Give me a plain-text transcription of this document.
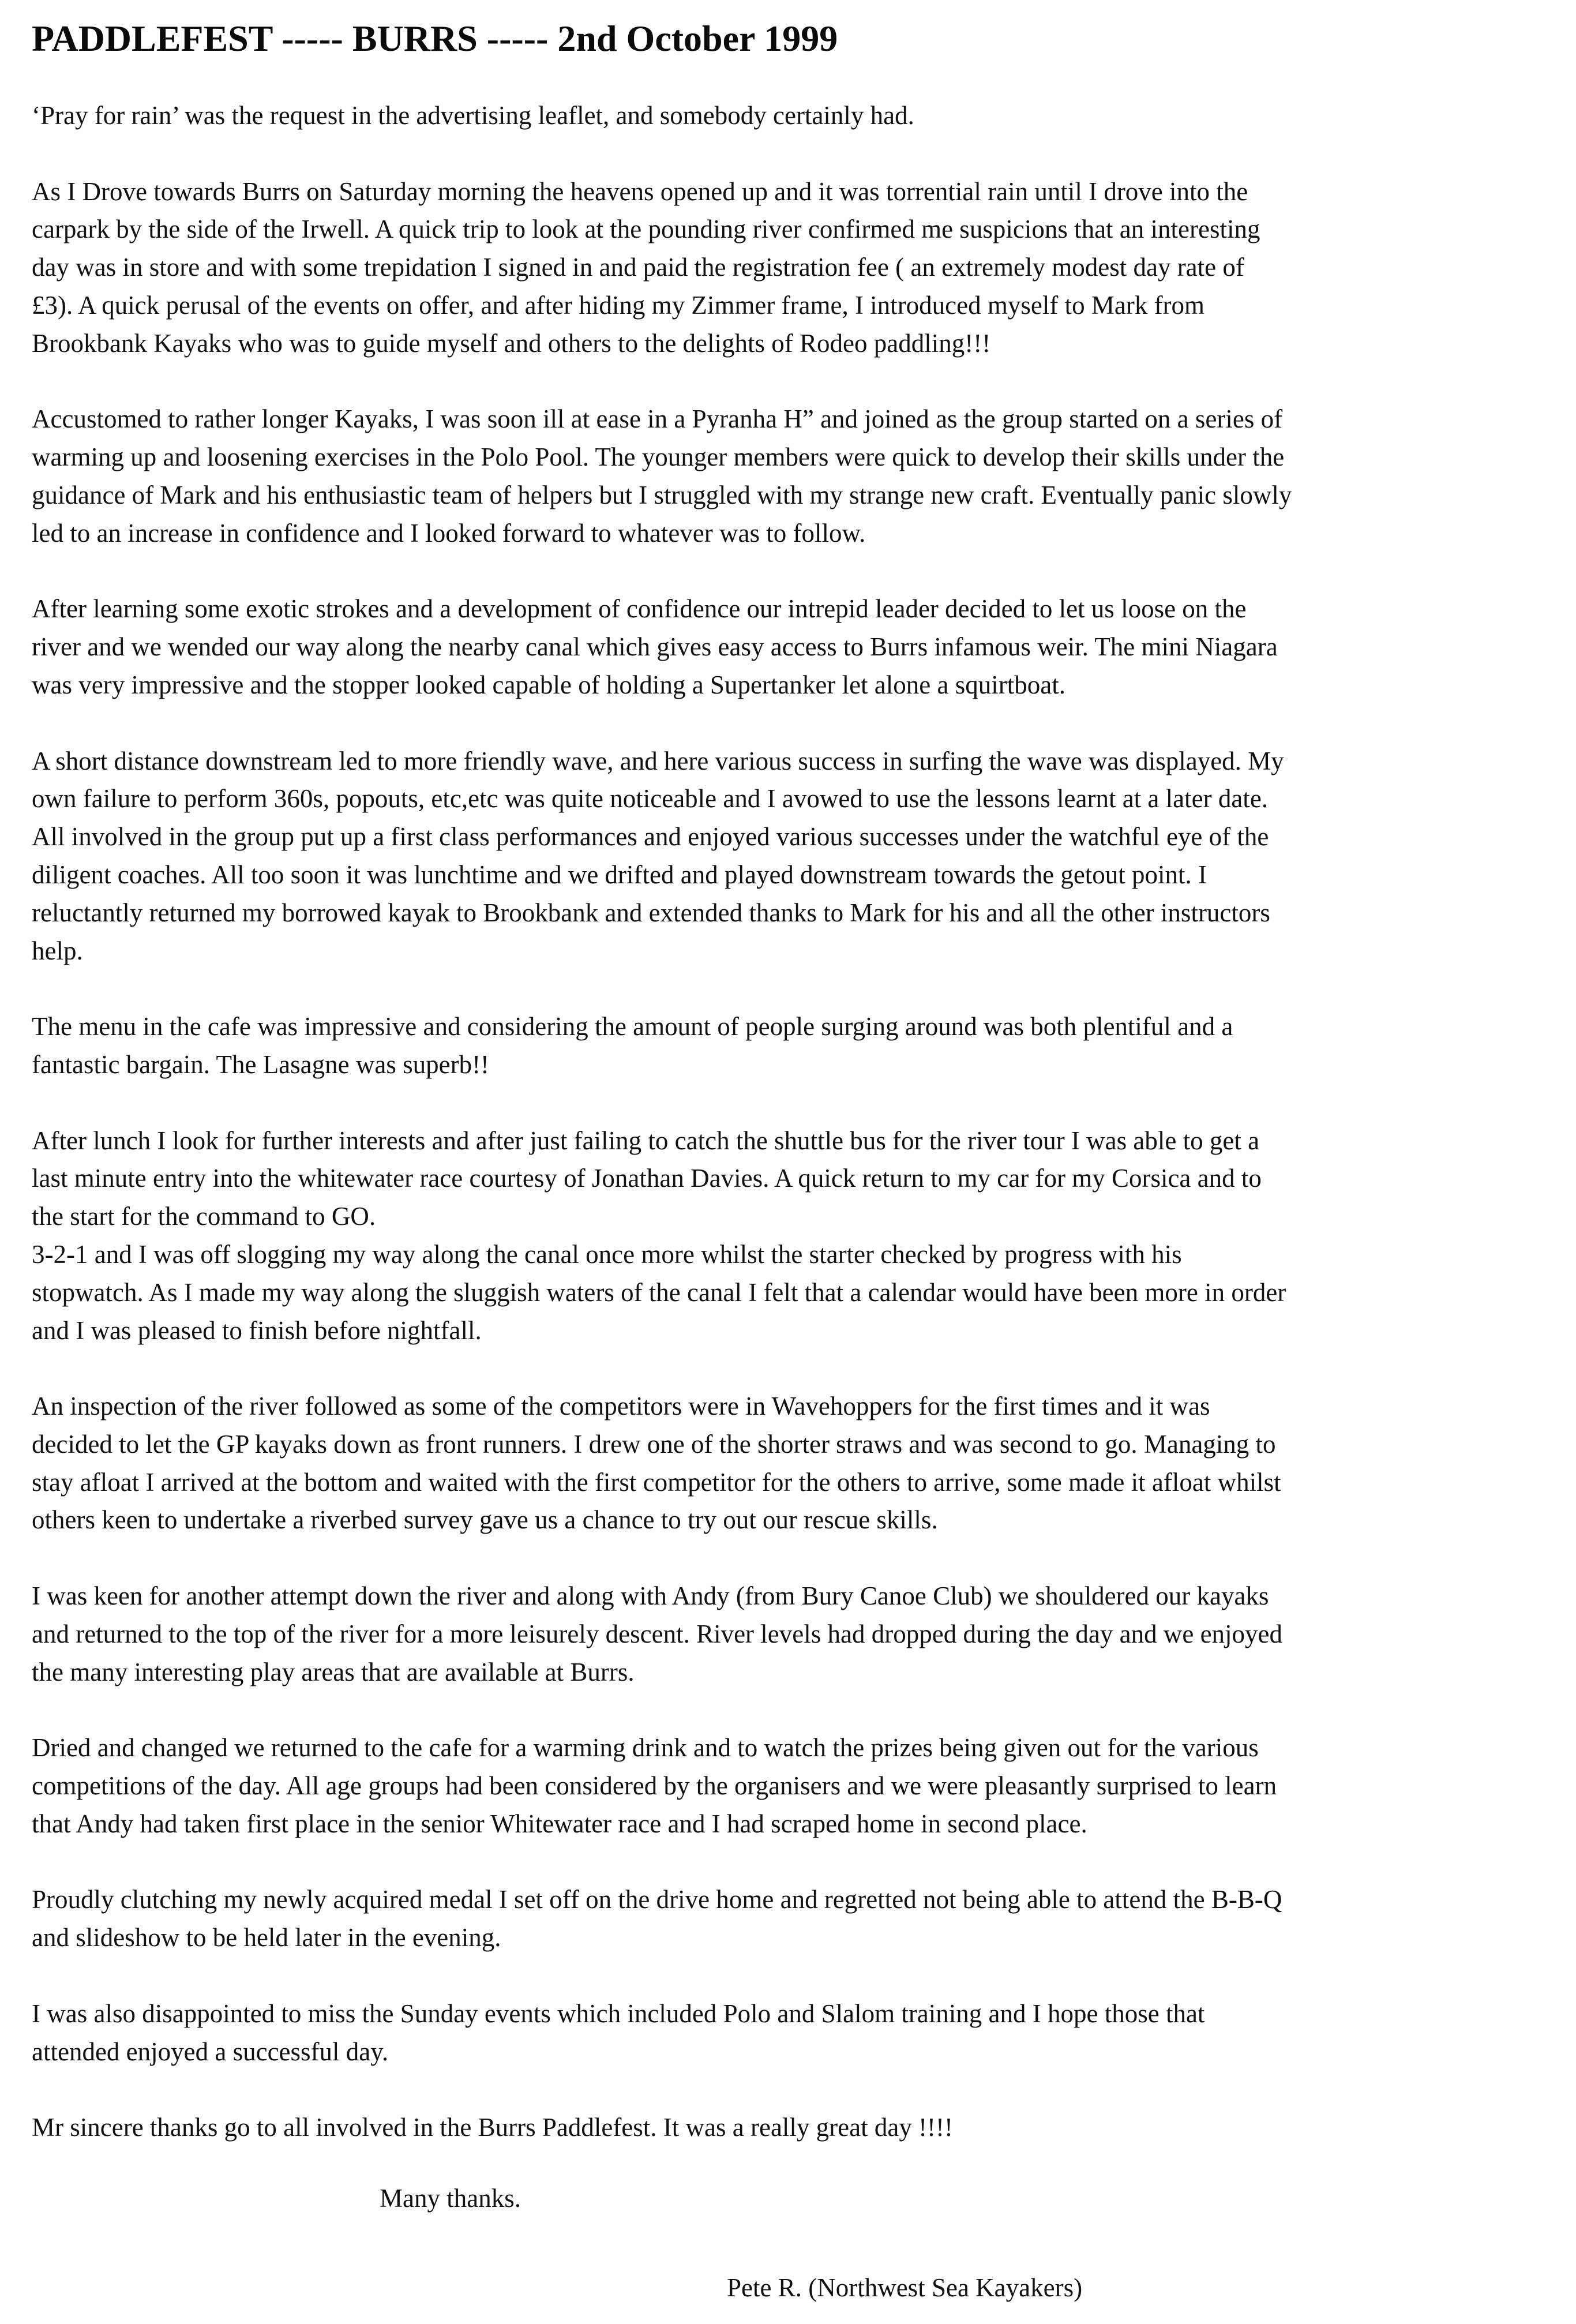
PADDLEFEST ----- BURRS ----- 2nd October 1999

‘Pray for rain’ was the request in the advertising leaflet, and somebody certainly had.

As I Drove towards Burrs on Saturday morning the heavens opened up and it was torrential rain until I drove into the
carpark by the side of the Irwell. A quick trip to look at the pounding river confirmed me suspicions that an interesting
day was in store and with some trepidation I signed in and paid the registration fee ( an extremely modest day rate of
£3). A quick perusal of the events on offer, and after hiding my Zimmer frame, I introduced myself to Mark from
Brookbank Kayaks who was to guide myself and others to the delights of Rodeo paddling!!!

Accustomed to rather longer Kayaks, I was soon ill at ease in a Pyranha H” and joined as the group started on a series of
warming up and loosening exercises in the Polo Pool. The younger members were quick to develop their skills under the
guidance of Mark and his enthusiastic team of helpers but I struggled with my strange new craft. Eventually panic slowly
led to an increase in confidence and I looked forward to whatever was to follow.

After learning some exotic strokes and a development of confidence our intrepid leader decided to let us loose on the
river and we wended our way along the nearby canal which gives easy access to Burrs infamous weir. The mini Niagara
was very impressive and the stopper looked capable of holding a Supertanker let alone a squirtboat.

A short distance downstream led to more friendly wave, and here various success in surfing the wave was displayed. My
own failure to perform 360s, popouts, etc,etc was quite noticeable and I avowed to use the lessons learnt at a later date.
All involved in the group put up a first class performances and enjoyed various successes under the watchful eye of the
diligent coaches. All too soon it was lunchtime and we drifted and played downstream towards the getout point. I
reluctantly returned my borrowed kayak to Brookbank and extended thanks to Mark for his and all the other instructors
help.

The menu in the cafe was impressive and considering the amount of people surging around was both plentiful and a
fantastic bargain. The Lasagne was superb!!

After lunch I look for further interests and after just failing to catch the shuttle bus for the river tour I was able to get a
last minute entry into the whitewater race courtesy of Jonathan Davies. A quick return to my car for my Corsica and to
the start for the command to GO.

3-2-1 and I was off slogging my way along the canal once more whilst the starter checked by progress with his
stopwatch. As I made my way along the sluggish waters of the canal I felt that a calendar would have been more in order
and I was pleased to finish before nightfall.

An inspection of the river followed as some of the competitors were in Wavehoppers for the first times and it was
decided to let the GP kayaks down as front runners. I drew one of the shorter straws and was second to go. Managing to
stay afloat I arrived at the bottom and waited with the first competitor for the others to arrive, some made it afloat whilst
others keen to undertake a riverbed survey gave us a chance to try out our rescue skills.

I was keen for another attempt down the river and along with Andy (from Bury Canoe Club) we shouldered our kayaks
and returned to the top of the river for a more leisurely descent. River levels had dropped during the day and we enjoyed
the many interesting play areas that are available at Burrs.

Dried and changed we returned to the cafe for a warming drink and to watch the prizes being given out for the various
competitions of the day. All age groups had been considered by the organisers and we were pleasantly surprised to learn
that Andy had taken first place in the senior Whitewater race and I had scraped home in second place.

Proudly clutching my newly acquired medal I set off on the drive home and regretted not being able to attend the B-B-Q
and slideshow to be held later in the evening.

I was also disappointed to miss the Sunday events which included Polo and Slalom training and I hope those that
attended enjoyed a successful day.

Mr sincere thanks go to all involved in the Burrs Paddlefest. It was a really great day !!!!

Many thanks.
Pete R. (Northwest Sea Kayakers)
